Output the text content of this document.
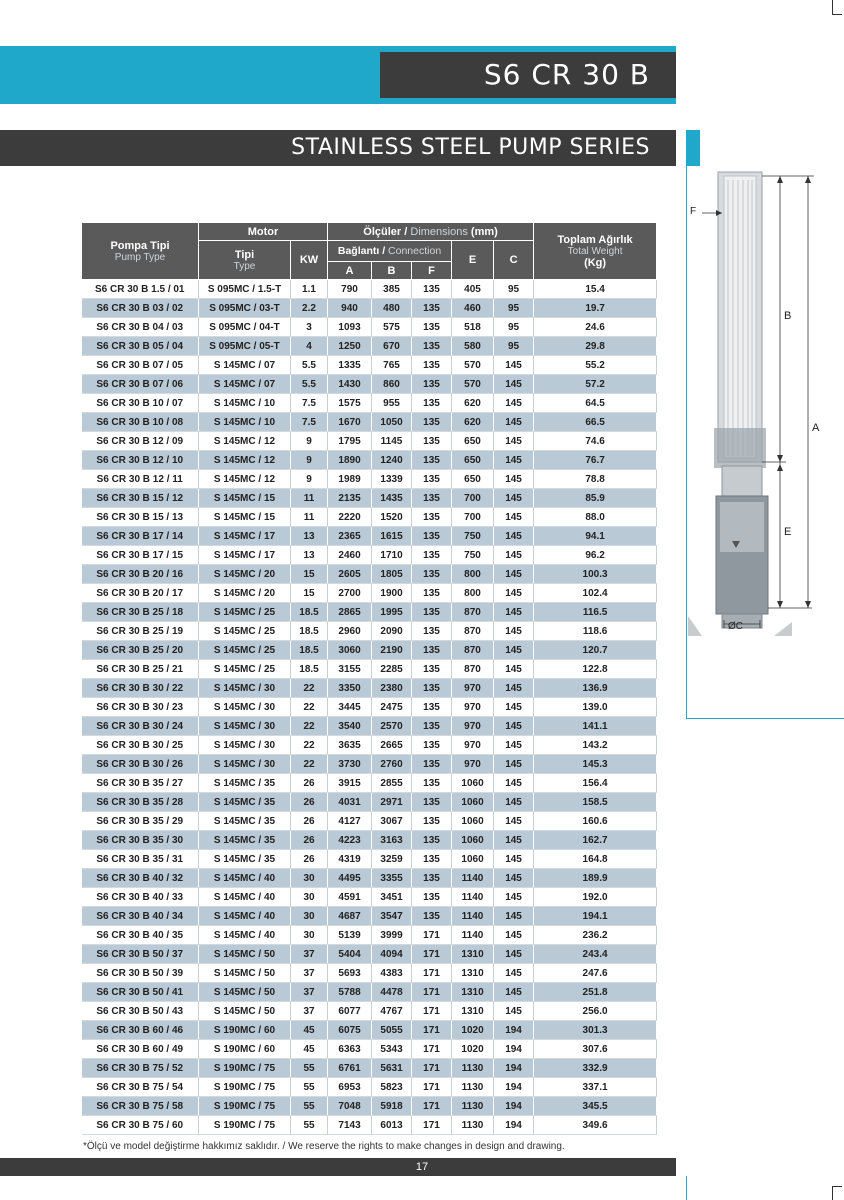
S6 CR 30 B
STAINLESS STEEL PUMP SERIES
F
B
A
E
ØC
Pompa Tipi
Pump Type	Motor		Ölçüler / Dimensions (mm)					Toplam Ağırlık
Total Weight
(Kg)

	Tipi
Type	KW	Bağlantı / Connection			E	C	
			A	B	F			
S6 CR 30 B 1.5 / 01	S 095MC / 1.5-T	1.1	790	385	135	405	95	15.4
S6 CR 30 B 03 / 02	S 095MC / 03-T	2.2	940	480	135	460	95	19.7
S6 CR 30 B 04 / 03	S 095MC / 04-T	3	1093	575	135	518	95	24.6
S6 CR 30 B 05 / 04	S 095MC / 05-T	4	1250	670	135	580	95	29.8
S6 CR 30 B 07 / 05	S 145MC / 07	5.5	1335	765	135	570	145	55.2
S6 CR 30 B 07 / 06	S 145MC / 07	5.5	1430	860	135	570	145	57.2
S6 CR 30 B 10 / 07	S 145MC / 10	7.5	1575	955	135	620	145	64.5
S6 CR 30 B 10 / 08	S 145MC / 10	7.5	1670	1050	135	620	145	66.5
S6 CR 30 B 12 / 09	S 145MC / 12	9	1795	1145	135	650	145	74.6
S6 CR 30 B 12 / 10	S 145MC / 12	9	1890	1240	135	650	145	76.7
S6 CR 30 B 12 / 11	S 145MC / 12	9	1989	1339	135	650	145	78.8
S6 CR 30 B 15 / 12	S 145MC / 15	11	2135	1435	135	700	145	85.9
S6 CR 30 B 15 / 13	S 145MC / 15	11	2220	1520	135	700	145	88.0
S6 CR 30 B 17 / 14	S 145MC / 17	13	2365	1615	135	750	145	94.1
S6 CR 30 B 17 / 15	S 145MC / 17	13	2460	1710	135	750	145	96.2
S6 CR 30 B 20 / 16	S 145MC / 20	15	2605	1805	135	800	145	100.3
S6 CR 30 B 20 / 17	S 145MC / 20	15	2700	1900	135	800	145	102.4
S6 CR 30 B 25 / 18	S 145MC / 25	18.5	2865	1995	135	870	145	116.5
S6 CR 30 B 25 / 19	S 145MC / 25	18.5	2960	2090	135	870	145	118.6
S6 CR 30 B 25 / 20	S 145MC / 25	18.5	3060	2190	135	870	145	120.7
S6 CR 30 B 25 / 21	S 145MC / 25	18.5	3155	2285	135	870	145	122.8
S6 CR 30 B 30 / 22	S 145MC / 30	22	3350	2380	135	970	145	136.9
S6 CR 30 B 30 / 23	S 145MC / 30	22	3445	2475	135	970	145	139.0
S6 CR 30 B 30 / 24	S 145MC / 30	22	3540	2570	135	970	145	141.1
S6 CR 30 B 30 / 25	S 145MC / 30	22	3635	2665	135	970	145	143.2
S6 CR 30 B 30 / 26	S 145MC / 30	22	3730	2760	135	970	145	145.3
S6 CR 30 B 35 / 27	S 145MC / 35	26	3915	2855	135	1060	145	156.4
S6 CR 30 B 35 / 28	S 145MC / 35	26	4031	2971	135	1060	145	158.5
S6 CR 30 B 35 / 29	S 145MC / 35	26	4127	3067	135	1060	145	160.6
S6 CR 30 B 35 / 30	S 145MC / 35	26	4223	3163	135	1060	145	162.7
S6 CR 30 B 35 / 31	S 145MC / 35	26	4319	3259	135	1060	145	164.8
S6 CR 30 B 40 / 32	S 145MC / 40	30	4495	3355	135	1140	145	189.9
S6 CR 30 B 40 / 33	S 145MC / 40	30	4591	3451	135	1140	145	192.0
S6 CR 30 B 40 / 34	S 145MC / 40	30	4687	3547	135	1140	145	194.1
S6 CR 30 B 40 / 35	S 145MC / 40	30	5139	3999	171	1140	145	236.2
S6 CR 30 B 50 / 37	S 145MC / 50	37	5404	4094	171	1310	145	243.4
S6 CR 30 B 50 / 39	S 145MC / 50	37	5693	4383	171	1310	145	247.6
S6 CR 30 B 50 / 41	S 145MC / 50	37	5788	4478	171	1310	145	251.8
S6 CR 30 B 50 / 43	S 145MC / 50	37	6077	4767	171	1310	145	256.0
S6 CR 30 B 60 / 46	S 190MC / 60	45	6075	5055	171	1020	194	301.3
S6 CR 30 B 60 / 49	S 190MC / 60	45	6363	5343	171	1020	194	307.6
S6 CR 30 B 75 / 52	S 190MC / 75	55	6761	5631	171	1130	194	332.9
S6 CR 30 B 75 / 54	S 190MC / 75	55	6953	5823	171	1130	194	337.1
S6 CR 30 B 75 / 58	S 190MC / 75	55	7048	5918	171	1130	194	345.5
S6 CR 30 B 75 / 60	S 190MC / 75	55	7143	6013	171	1130	194	349.6
*Ölçü ve model değiştirme hakkımız saklıdır. / We reserve the rights to make changes in design and drawing.
17
